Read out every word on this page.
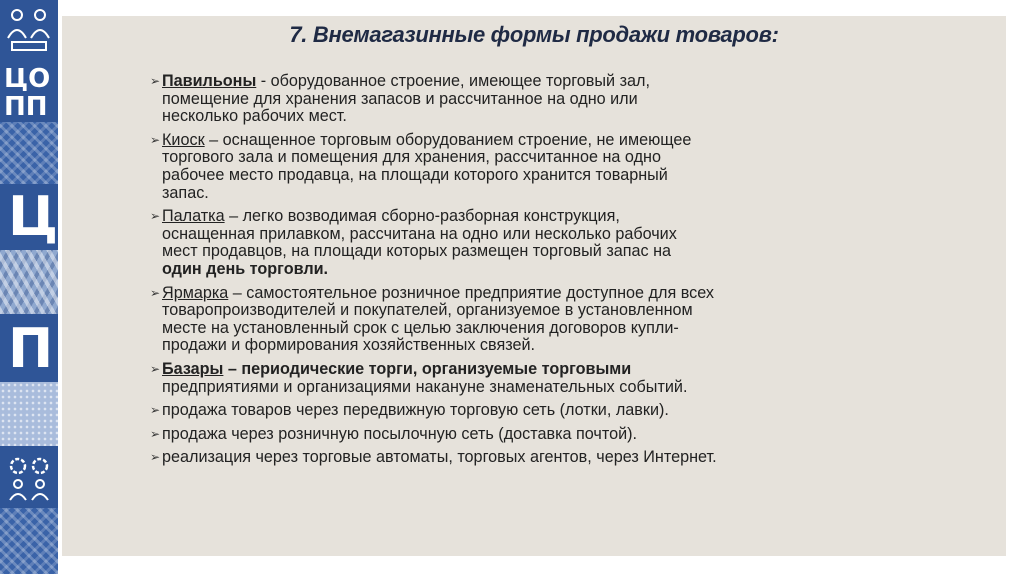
ЦО
ПП
Ц
П
7. Внемагазинные формы продажи товаров:
➢ Павильоны - оборудованное строение, имеющее торговый зал,
помещение для хранения запасов и рассчитанное на одно или
несколько рабочих мест.
➢ Киоск – оснащенное торговым оборудованием строение, не имеющее
торгового зала и помещения для хранения, рассчитанное на одно
рабочее место продавца, на площади которого хранится товарный
запас.
➢ Палатка – легко возводимая сборно-разборная конструкция,
оснащенная прилавком, рассчитана на одно или несколько рабочих
мест продавцов, на площади которых размещен торговый запас на
один день торговли.
➢ Ярмарка – самостоятельное розничное предприятие доступное для всех
товаропроизводителей и покупателей, организуемое в установленном
месте на установленный срок с целью заключения договоров купли-
продажи и формирования хозяйственных связей.
➢ Базары – периодические торги, организуемые торговыми
предприятиями и организациями накануне знаменательных событий.
➢ продажа товаров через передвижную торговую сеть (лотки, лавки).
➢ продажа через розничную посылочную сеть (доставка почтой).
➢ реализация через торговые автоматы, торговых агентов, через Интернет.
